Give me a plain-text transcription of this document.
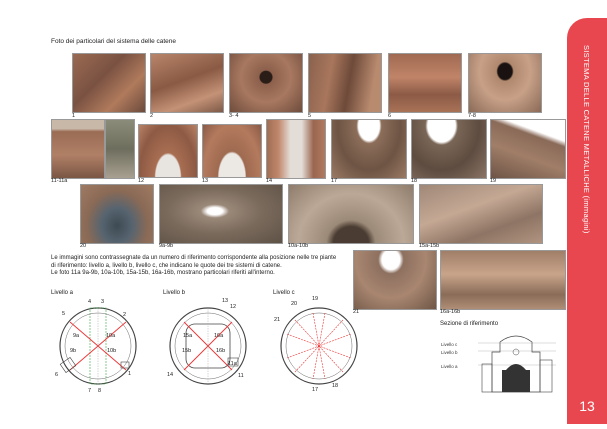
Foto dei particolari del sistema delle catene
1	2	3- 4	5	6	7-8
11-11a	12	13	14	17	18	19
20	9a-9b	10a-10b	15a-15b
21	16a-16b

Le immagini sono contrassegnate da un numero di riferimento corrispondente alla posizione nelle tre piante

di riferimento: livello a, livello b, livello c, che indicano le quote dei tre sistemi di catene.

Le foto 11a 9a-9b, 10a-10b, 15a-15b, 16a-16b, mostrano particolari riferiti all'interno.

Livello a	Livello b	Livello c
4 3
5	2
9a	10a
9b	10b
6
7 8
1
12
13
15a	16a
15b	16b
14	11
11a
20
19
21
17
18
Sezione di riferimento
Livello c
Livello b
Livello a
SISTEMA DELLE CATENE METALLICHE (immagini)
13
